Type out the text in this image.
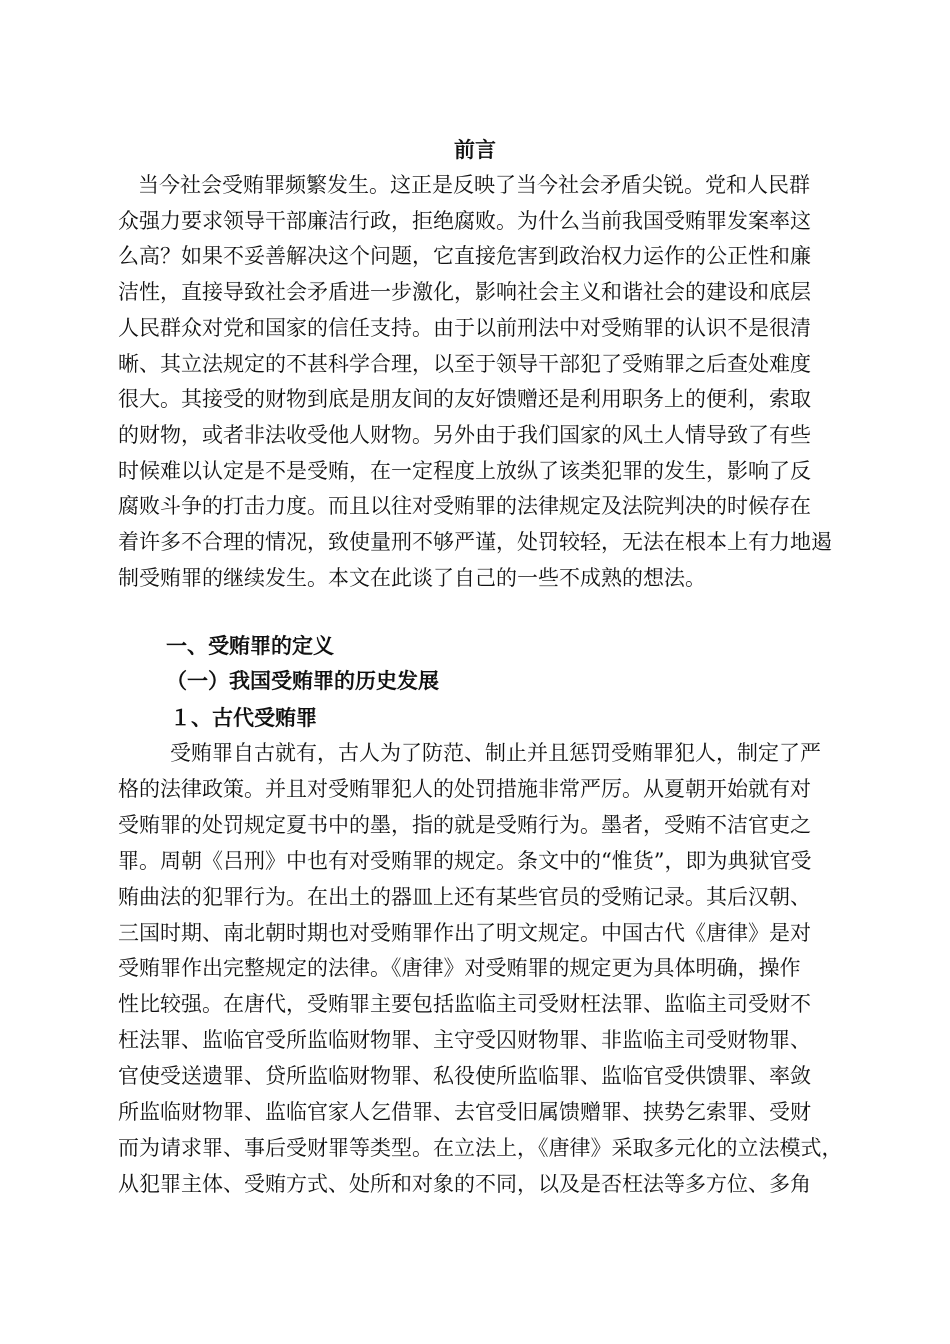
前言
当今社会受贿罪频繁发生。这正是反映了当今社会矛盾尖锐。党和人民群
众强力要求领导干部廉洁行政，拒绝腐败。为什么当前我国受贿罪发案率这
么高？如果不妥善解决这个问题，它直接危害到政治权力运作的公正性和廉
洁性，直接导致社会矛盾进一步激化，影响社会主义和谐社会的建设和底层
人民群众对党和国家的信任支持。由于以前刑法中对受贿罪的认识不是很清
晰、其立法规定的不甚科学合理，以至于领导干部犯了受贿罪之后查处难度
很大。其接受的财物到底是朋友间的友好馈赠还是利用职务上的便利，索取
的财物，或者非法收受他人财物。另外由于我们国家的风土人情导致了有些
时候难以认定是不是受贿，在一定程度上放纵了该类犯罪的发生，影响了反
腐败斗争的打击力度。而且以往对受贿罪的法律规定及法院判决的时候存在
着许多不合理的情况，致使量刑不够严谨，处罚较轻，无法在根本上有力地遏
制受贿罪的继续发生。本文在此谈了自己的一些不成熟的想法。
一、受贿罪的定义
（一）我国受贿罪的历史发展
１、古代受贿罪
受贿罪自古就有，古人为了防范、制止并且惩罚受贿罪犯人，制定了严
格的法律政策。并且对受贿罪犯人的处罚措施非常严厉。从夏朝开始就有对
受贿罪的处罚规定夏书中的墨，指的就是受贿行为。墨者，受贿不洁官吏之
罪。周朝《吕刑》中也有对受贿罪的规定。条文中的“惟货”，即为典狱官受
贿曲法的犯罪行为。在出土的器皿上还有某些官员的受贿记录。其后汉朝、
三国时期、南北朝时期也对受贿罪作出了明文规定。中国古代《唐律》是对
受贿罪作出完整规定的法律。《唐律》对受贿罪的规定更为具体明确，操作
性比较强。在唐代，受贿罪主要包括监临主司受财枉法罪、监临主司受财不
枉法罪、监临官受所监临财物罪、主守受囚财物罪、非监临主司受财物罪、
官使受送遗罪、贷所监临财物罪、私役使所监临罪、监临官受供馈罪、率敛
所监临财物罪、监临官家人乞借罪、去官受旧属馈赠罪、挟势乞索罪、受财
而为请求罪、事后受财罪等类型。在立法上，《唐律》采取多元化的立法模式，
从犯罪主体、受贿方式、处所和对象的不同，以及是否枉法等多方位、多角
